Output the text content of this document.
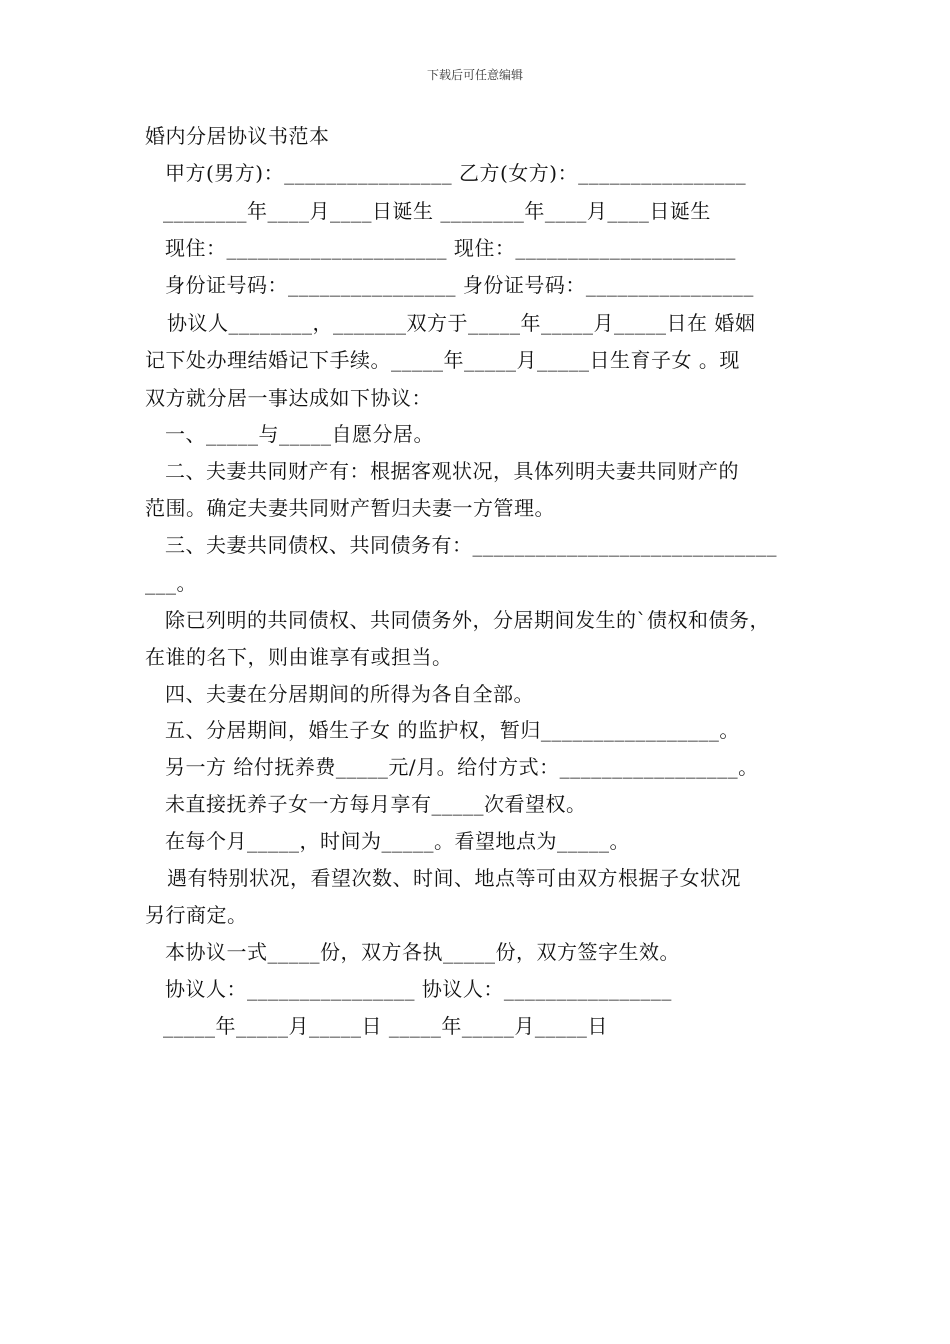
下载后可任意编辑
婚内分居协议书范本
甲方(男方)：________________ 乙方(女方)：________________
________年____月____日诞生 ________年____月____日诞生
现住：_____________________ 现住：_____________________
身份证号码：________________ 身份证号码：________________
协议人________，_______双方于_____年_____月_____日在 婚姻
记下处办理结婚记下手续。_____年_____月_____日生育子女 。现
双方就分居一事达成如下协议：
一、_____与_____自愿分居。
二、夫妻共同财产有：根据客观状况，具体列明夫妻共同财产的
范围。确定夫妻共同财产暂归夫妻一方管理。
三、夫妻共同债权、共同债务有：_____________________________
___。
除已列明的共同债权、共同债务外，分居期间发生的`债权和债务，
在谁的名下，则由谁享有或担当。
四、夫妻在分居期间的所得为各自全部。
五、分居期间，婚生子女 的监护权，暂归_________________。
另一方 给付抚养费_____元/月。给付方式：_________________。
未直接抚养子女一方每月享有_____次看望权。
在每个月_____，时间为_____。看望地点为_____。
遇有特别状况，看望次数、时间、地点等可由双方根据子女状况
另行商定。
本协议一式_____份，双方各执_____份，双方签字生效。
协议人：________________ 协议人：________________
_____年_____月_____日 _____年_____月_____日
